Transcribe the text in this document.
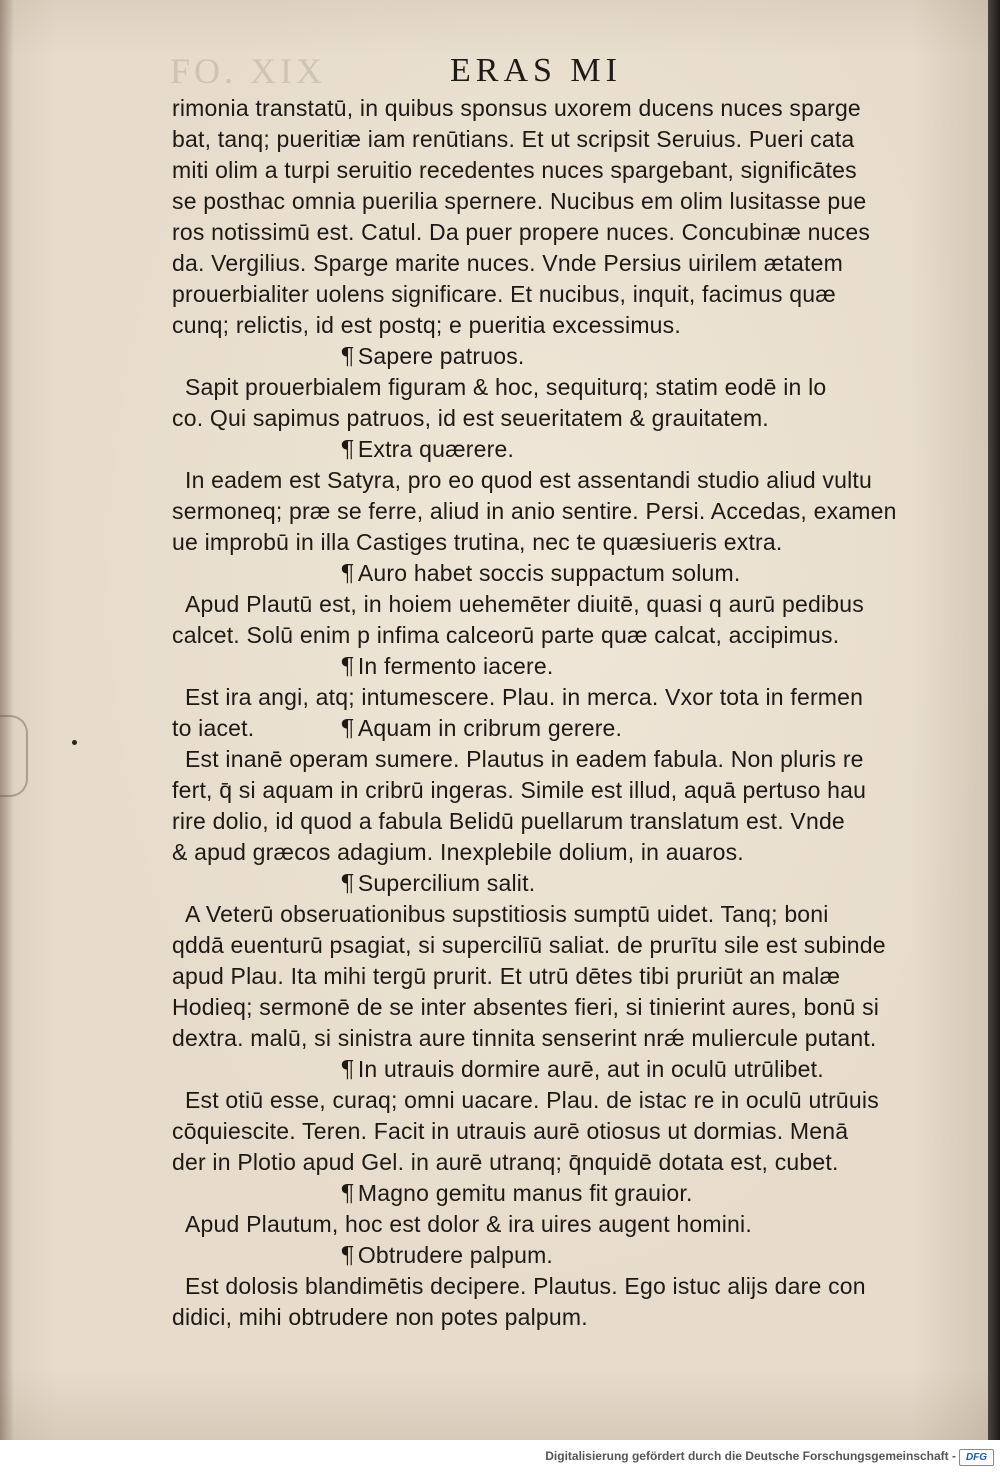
FO. XIX	ERAS MI
rimonia transtatū, in quibus sponsus uxorem ducens nuces sparge
bat, tanq; pueritiæ iam renūtians. Et ut scripsit Seruius. Pueri cata
miti olim a turpi seruitio recedentes nuces spargebant, significātes
se posthac omnia puerilia spernere. Nucibus em olim lusitasse pue
ros notissimū est. Catul. Da puer propere nuces. Concubinæ nuces
da. Vergilius. Sparge marite nuces. Vnde Persius uirilem ætatem
prouerbialiter uolens significare. Et nucibus, inquit, facimus quæ
cunq; relictis, id est postq; e pueritia excessimus.
¶ Sapere patruos.
Sapit prouerbialem figuram & hoc, sequiturq; statim eodē in lo
co. Qui sapimus patruos, id est seueritatem & grauitatem.
¶ Extra quærere.
In eadem est Satyra, pro eo quod est assentandi studio aliud vultu
sermoneq; præ se ferre, aliud in anio sentire. Persi. Accedas, examen
ue improbū in illa Castiges trutina, nec te quæsiueris extra.
¶ Auro habet soccis suppactum solum.
Apud Plautū est, in hoiem uehemēter diuitē, quasi q aurū pedibus
calcet. Solū enim p infima calceorū parte quæ calcat, accipimus.
¶ In fermento iacere.
Est ira angi, atq; intumescere. Plau. in merca. Vxor tota in fermen
to iacet.	¶ Aquam in cribrum gerere.
Est inanē operam sumere. Plautus in eadem fabula. Non pluris re
fert, q̄ si aquam in cribrū ingeras. Simile est illud, aquā pertuso hau
rire dolio, id quod a fabula Belidū puellarum translatum est. Vnde
& apud græcos adagium. Inexplebile dolium, in auaros.
¶ Supercilium salit.
A Veterū obseruationibus supstitiosis sumptū uidet. Tanq; boni
qddā euenturū psagiat, si supercilīū saliat. de prurītu sile est subinde
apud Plau. Ita mihi tergū prurit. Et utrū dētes tibi pruriūt an malæ
Hodieq; sermonē de se inter absentes fieri, si tinierint aures, bonū si
dextra. malū, si sinistra aure tinnita senserint nrǽ muliercule putant.
¶ In utrauis dormire aurē, aut in oculū utrūlibet.
Est otiū esse, curaq; omni uacare. Plau. de istac re in oculū utrūuis
cōquiescite. Teren. Facit in utrauis aurē otiosus ut dormias. Menā
der in Plotio apud Gel. in aurē utranq; q̄nquidē dotata est, cubet.
¶ Magno gemitu manus fit grauior.
Apud Plautum, hoc est dolor & ira uires augent homini.
¶ Obtrudere palpum.
Est dolosis blandimētis decipere. Plautus. Ego istuc alijs dare con
didici, mihi obtrudere non potes palpum.
Digitalisierung gefördert durch die Deutsche Forschungsgemeinschaft - DFG
